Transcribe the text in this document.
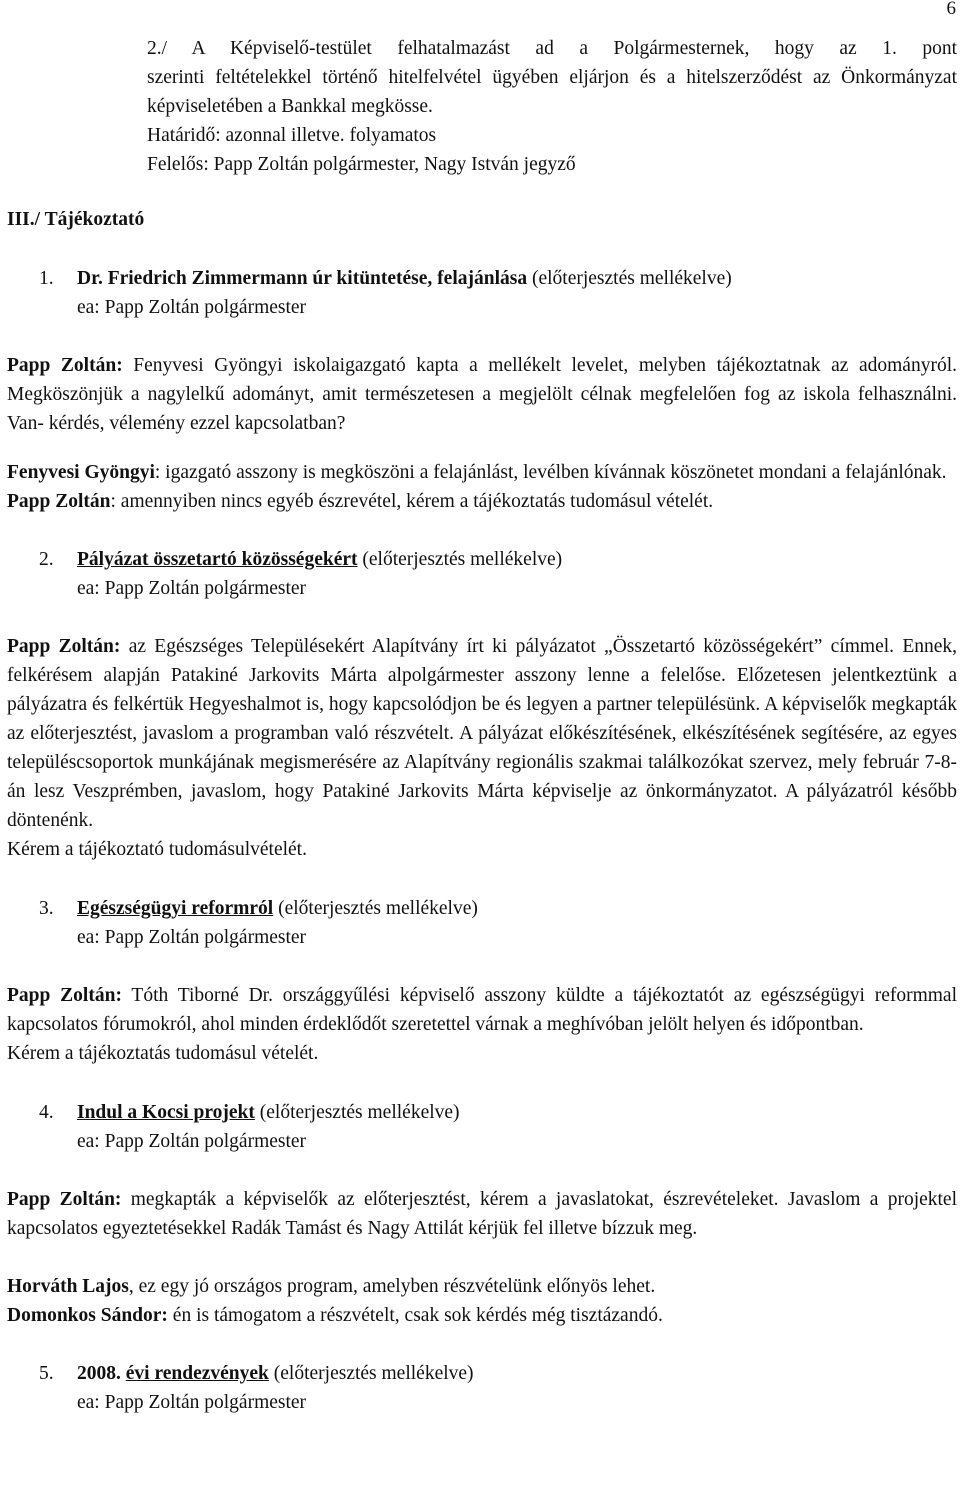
6

2./ A Képviselő-testület felhatalmazást ad a Polgármesternek, hogy az 1. pont

szerinti feltételekkel történő hitelfelvétel ügyében eljárjon és a hitelszerződést az Önkormányzat képviseletében a Bankkal megkösse.

Határidő: azonnal illetve. folyamatos

Felelős: Papp Zoltán polgármester, Nagy István jegyző

III./ Tájékoztató
1. Dr. Friedrich Zimmermann úr kitüntetése, felajánlása (előterjesztés mellékelve)
ea: Papp Zoltán polgármester

Papp Zoltán: Fenyvesi Gyöngyi iskolaigazgató kapta a mellékelt levelet, melyben tájékoztatnak az adományról. Megköszönjük a nagylelkű adományt, amit természetesen a megjelölt célnak megfelelően fog az iskola felhasználni. Van- kérdés, vélemény ezzel kapcsolatban?

Fenyvesi Gyöngyi: igazgató asszony is megköszöni a felajánlást, levélben kívánnak köszönetet mondani a felajánlónak.

Papp Zoltán: amennyiben nincs egyéb észrevétel, kérem a tájékoztatás tudomásul vételét.

2. Pályázat összetartó közösségekért (előterjesztés mellékelve)
ea: Papp Zoltán polgármester

Papp Zoltán: az Egészséges Településekért Alapítvány írt ki pályázatot „Összetartó közösségekért” címmel. Ennek, felkérésem alapján Patakiné Jarkovits Márta alpolgármester asszony lenne a felelőse. Előzetesen jelentkeztünk a pályázatra és felkértük Hegyeshalmot is, hogy kapcsolódjon be és legyen a partner településünk. A képviselők megkapták az előterjesztést, javaslom a programban való részvételt. A pályázat előkészítésének, elkészítésének segítésére, az egyes településcsoportok munkájának megismerésére az Alapítvány regionális szakmai találkozókat szervez, mely február 7-8-án lesz Veszprémben, javaslom, hogy Patakiné Jarkovits Márta képviselje az önkormányzatot. A pályázatról később döntenénk.

Kérem a tájékoztató tudomásulvételét.

3. Egészségügyi reformról (előterjesztés mellékelve)
ea: Papp Zoltán polgármester

Papp Zoltán: Tóth Tiborné Dr. országgyűlési képviselő asszony küldte a tájékoztatót az egészségügyi reformmal kapcsolatos fórumokról, ahol minden érdeklődőt szeretettel várnak a meghívóban jelölt helyen és időpontban.

Kérem a tájékoztatás tudomásul vételét.

4. Indul a Kocsi projekt (előterjesztés mellékelve)
ea: Papp Zoltán polgármester

Papp Zoltán: megkapták a képviselők az előterjesztést, kérem a javaslatokat, észrevételeket. Javaslom a projektel kapcsolatos egyeztetésekkel Radák Tamást és Nagy Attilát kérjük fel illetve bízzuk meg.

Horváth Lajos, ez egy jó országos program, amelyben részvételünk előnyös lehet.

Domonkos Sándor: én is támogatom a részvételt, csak sok kérdés még tisztázandó.

5. 2008. évi rendezvények (előterjesztés mellékelve)
ea: Papp Zoltán polgármester
